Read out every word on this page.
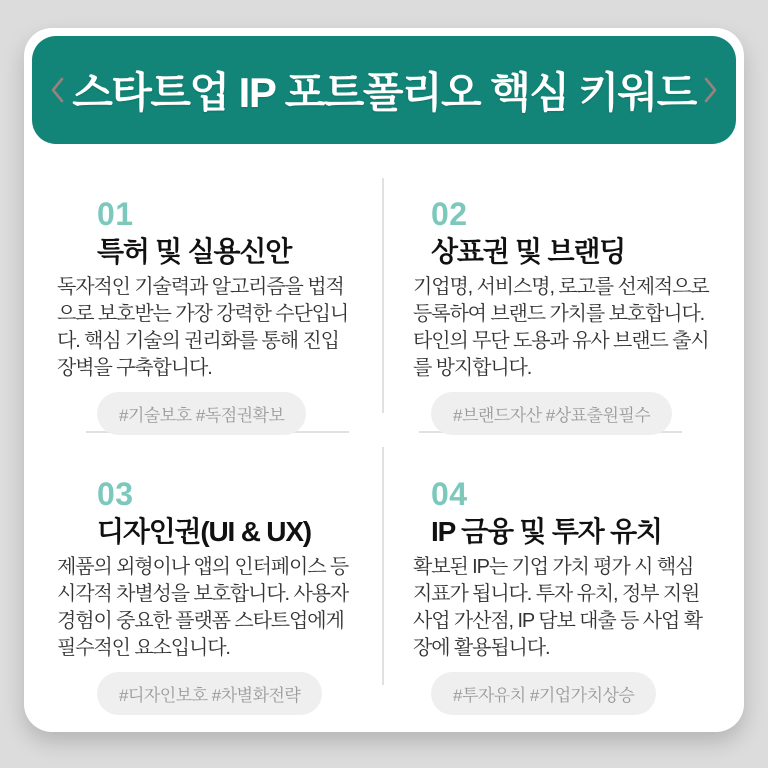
스타트업 IP 포트폴리오 핵심 키워드
01
특허 및 실용신안
독자적인 기술력과 알고리즘을 법적으로 보호받는 가장 강력한 수단입니다. 핵심 기술의 권리화를 통해 진입 장벽을 구축합니다.
#기술보호 #독점권확보
02
상표권 및 브랜딩
기업명, 서비스명, 로고를 선제적으로 등록하여 브랜드 가치를 보호합니다. 타인의 무단 도용과 유사 브랜드 출시를 방지합니다.
#브랜드자산 #상표출원필수
03
디자인권(UI & UX)
제품의 외형이나 앱의 인터페이스 등 시각적 차별성을 보호합니다. 사용자 경험이 중요한 플랫폼 스타트업에게 필수적인 요소입니다.
#디자인보호 #차별화전략
04
IP 금융 및 투자 유치
확보된 IP는 기업 가치 평가 시 핵심 지표가 됩니다. 투자 유치, 정부 지원사업 가산점, IP 담보 대출 등 사업 확장에 활용됩니다.
#투자유치 #기업가치상승
